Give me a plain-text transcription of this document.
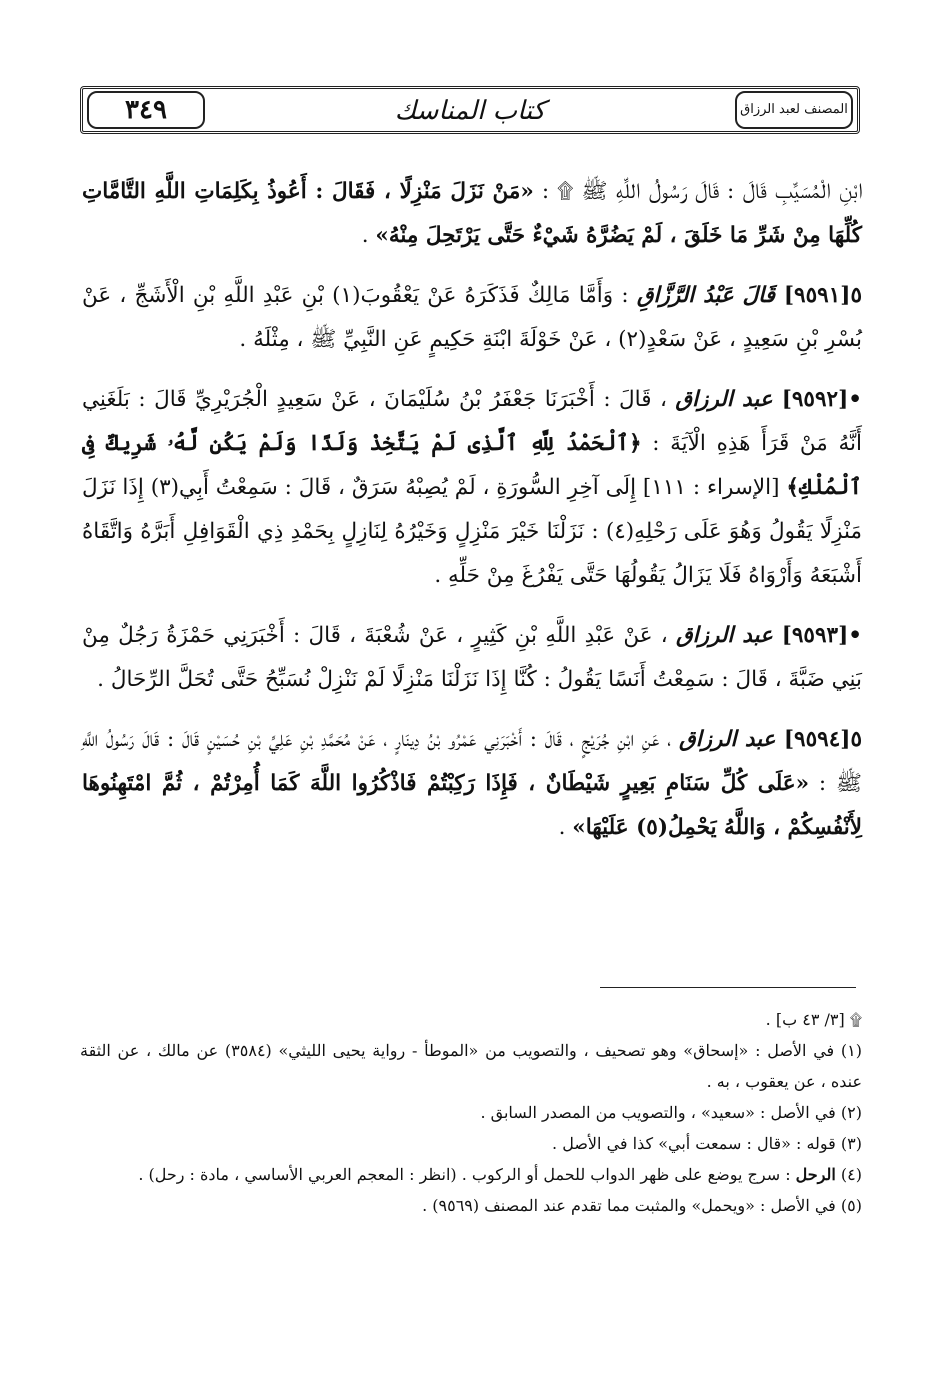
٣٤٩	كتاب المناسك	المصنف لعبد الرزاق

ابْنِ الْمُسَيَّبِ قَالَ : قَالَ رَسُولُ اللَّهِ ﷺ ۩ : «مَنْ نَزَلَ مَنْزِلًا ، فَقَالَ : أَعُوذُ بِكَلِمَاتِ اللَّهِ التَّامَّاتِ كُلِّهَا مِنْ شَرِّ مَا خَلَقَ ، لَمْ يَضُرَّهُ شَيْءٌ حَتَّى يَرْتَحِلَ مِنْهُ» .

٥[٩٥٩١] قَالَ عَبْدُ الرَّزَّاقِ : وَأَمَّا مَالِكٌ فَذَكَرَهُ عَنْ يَعْقُوبَ(١) بْنِ عَبْدِ اللَّهِ بْنِ الْأَشَجِّ ، عَنْ بُسْرِ بْنِ سَعِيدٍ ، عَنْ سَعْدٍ(٢) ، عَنْ خَوْلَةَ ابْنَةِ حَكِيمٍ عَنِ النَّبِيِّ ﷺ ، مِثْلَهُ .

•[٩٥٩٢] عبد الرزاق ، قَالَ : أَخْبَرَنَا جَعْفَرُ بْنُ سُلَيْمَانَ ، عَنْ سَعِيدٍ الْجُرَيْرِيِّ قَالَ : بَلَغَنِي أَنَّهُ مَنْ قَرَأَ هَذِهِ الْآيَةَ : ﴿ٱلْحَمْدُ لِلَّهِ ٱلَّذِى لَمْ يَتَّخِذْ وَلَدًا وَلَمْ يَكُن لَّهُۥ شَرِيكٌ فِى ٱلْمُلْكِ﴾ [الإسراء : ١١١] إِلَى آخِرِ السُّورَةِ ، لَمْ يُصِبْهُ سَرَقٌ ، قَالَ : سَمِعْتُ أَبِي(٣) إِذَا نَزَلَ مَنْزِلًا يَقُولُ وَهُوَ عَلَى رَحْلِهِ(٤) : نَزَلْنَا خَيْرَ مَنْزِلٍ وَخَيْرُهُ لِنَازِلٍ بِحَمْدِ ذِي الْقَوَافِلِ أَبَرَّهُ وَاتَّقَاهُ أَشْبَعَهُ وَأَرْوَاهُ فَلَا يَزَالُ يَقُولُهَا حَتَّى يَفْرُغَ مِنْ حَلِّهِ .

•[٩٥٩٣] عبد الرزاق ، عَنْ عَبْدِ اللَّهِ بْنِ كَثِيرٍ ، عَنْ شُعْبَةَ ، قَالَ : أَخْبَرَنِي حَمْزَةُ رَجُلٌ مِنْ بَنِي ضَبَّةَ ، قَالَ : سَمِعْتُ أَنَسًا يَقُولُ : كُنَّا إِذَا نَزَلْنَا مَنْزِلًا لَمْ نَنْزِلْ نُسَبِّحُ حَتَّى تُحَلَّ الرِّحَالُ .

٥[٩٥٩٤] عبد الرزاق ، عَنِ ابْنِ جُرَيْجٍ ، قَالَ : أَخْبَرَنِي عَمْرُو بْنُ دِينَارٍ ، عَنْ مُحَمَّدِ بْنِ عَلِيِّ بْنِ حُسَيْنٍ قَالَ : قَالَ رَسُولُ اللَّهِ ﷺ : «عَلَى كُلِّ سَنَامِ بَعِيرٍ شَيْطَانٌ ، فَإِذَا رَكِبْتُمْ فَاذْكُرُوا اللَّهَ كَمَا أُمِرْتُمْ ، ثُمَّ امْتَهِنُوهَا لِأَنْفُسِكُمْ ، وَاللَّهُ يَحْمِلُ(٥) عَلَيْهَا» .

۩ [٣/ ٤٣ ب] .

(١) في الأصل : «إسحاق» وهو تصحيف ، والتصويب من «الموطأ - رواية يحيى الليثي» (٣٥٨٤) عن مالك ، عن الثقة عنده ، عن يعقوب ، به .

(٢) في الأصل : «سعيد» ، والتصويب من المصدر السابق .

(٣) قوله : «قال : سمعت أبي» كذا في الأصل .

(٤) الرحل : سرج يوضع على ظهر الدواب للحمل أو الركوب . (انظر : المعجم العربي الأساسي ، مادة : رحل) .

(٥) في الأصل : «ويحمل» والمثبت مما تقدم عند المصنف (٩٥٦٩) .
